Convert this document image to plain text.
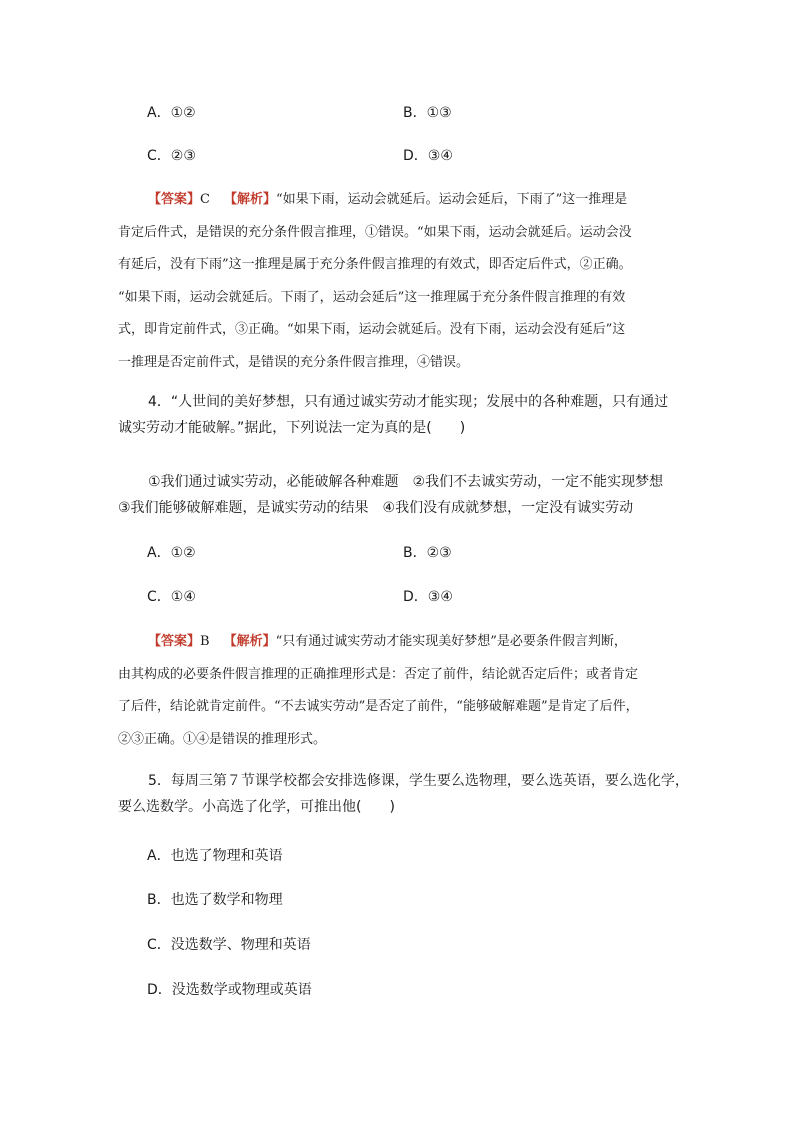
A．①②	B．①③
C．②③	D．③④
【答案】C 【解析】“如果下雨，运动会就延后。运动会延后，下雨了”这一推理是
肯定后件式，是错误的充分条件假言推理，①错误。“如果下雨，运动会就延后。运动会没
有延后，没有下雨”这一推理是属于充分条件假言推理的有效式，即否定后件式，②正确。
“如果下雨，运动会就延后。下雨了，运动会延后”这一推理属于充分条件假言推理的有效
式，即肯定前件式，③正确。“如果下雨，运动会就延后。没有下雨，运动会没有延后”这
一推理是否定前件式，是错误的充分条件假言推理，④错误。
4．“人世间的美好梦想，只有通过诚实劳动才能实现；发展中的各种难题，只有通过
诚实劳动才能破解。”据此，下列说法一定为真的是(　　)
①我们通过诚实劳动，必能破解各种难题　②我们不去诚实劳动，一定不能实现梦想
③我们能够破解难题，是诚实劳动的结果　④我们没有成就梦想，一定没有诚实劳动
A．①②	B．②③
C．①④	D．③④
【答案】B 【解析】“只有通过诚实劳动才能实现美好梦想”是必要条件假言判断，
由其构成的必要条件假言推理的正确推理形式是：否定了前件，结论就否定后件；或者肯定
了后件，结论就肯定前件。“不去诚实劳动”是否定了前件，“能够破解难题”是肯定了后件，
②③正确。①④是错误的推理形式。
5．每周三第７节课学校都会安排选修课，学生要么选物理，要么选英语，要么选化学，
要么选数学。小高选了化学，可推出他(　　)
A．也选了物理和英语
B．也选了数学和物理
C．没选数学、物理和英语
D．没选数学或物理或英语
